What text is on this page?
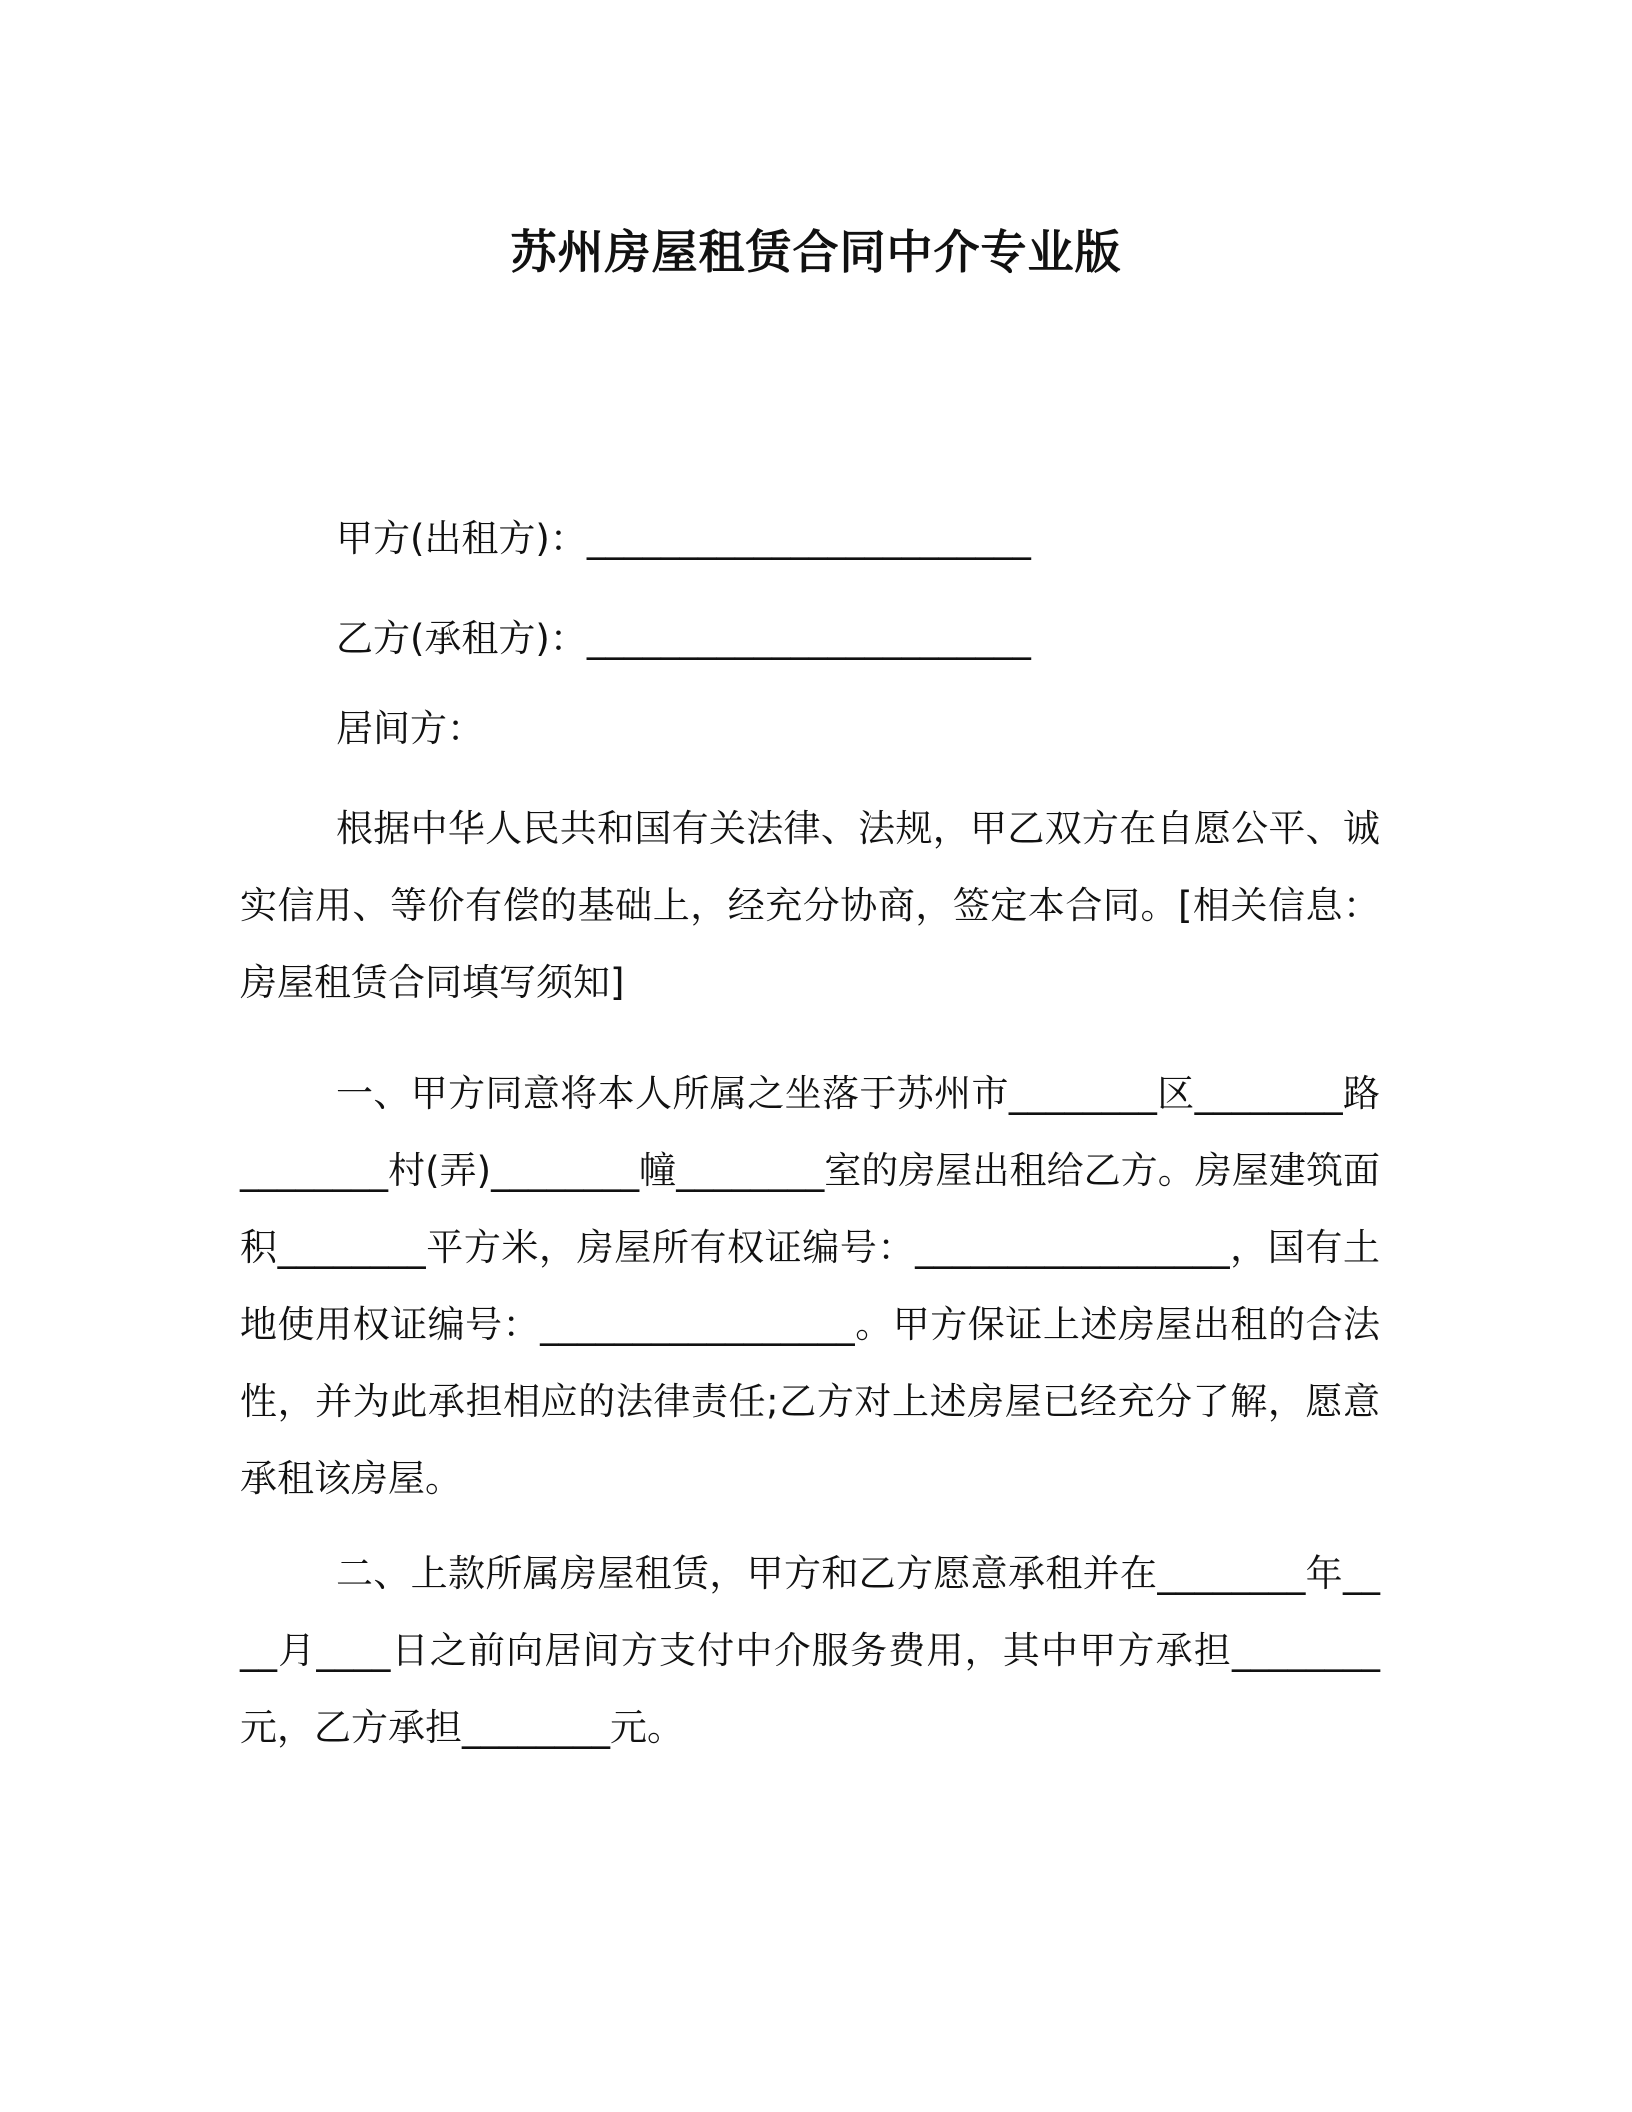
苏州房屋租赁合同中介专业版
甲方(出租方)：________________________
乙方(承租方)：________________________
居间方：
根据中华人民共和国有关法律、法规，甲乙双方在自愿公平、诚实信用、等价有偿的基础上，经充分协商，签定本合同。[相关信息：房屋租赁合同填写须知]
一、甲方同意将本人所属之坐落于苏州市________区________路________村(弄)________幢________室的房屋出租给乙方。房屋建筑面积________平方米，房屋所有权证编号：_________________，国有土地使用权证编号：_________________。甲方保证上述房屋出租的合法性，并为此承担相应的法律责任;乙方对上述房屋已经充分了解，愿意承租该房屋。
二、上款所属房屋租赁，甲方和乙方愿意承租并在________年____月____日之前向居间方支付中介服务费用，其中甲方承担________元，乙方承担________元。
